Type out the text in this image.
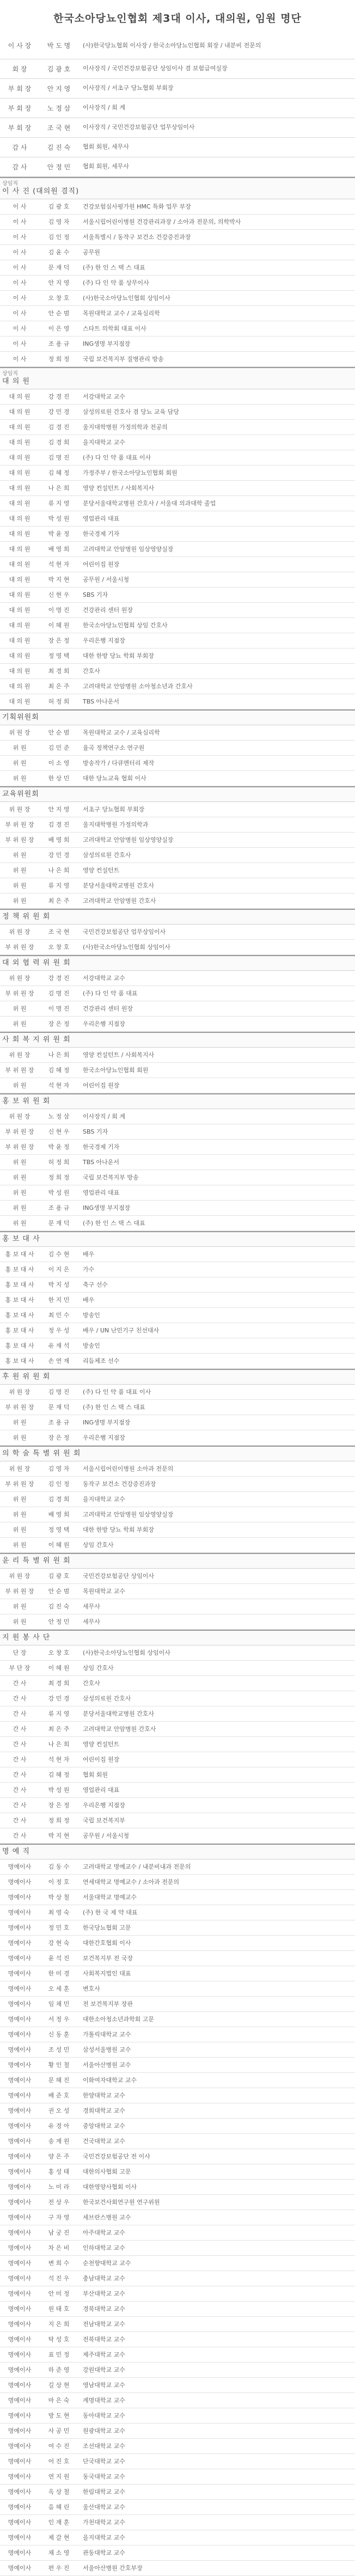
한국소아당뇨인협회 제3대 이사, 대의원, 임원 명단
이 사 장	박 도 명	(사)한국당뇨협회 이사장 / 한국소아당뇨인협회 회장 / 내분비 전문의
회 장	김 광 호	이사장직 / 국민건강보험공단 상임이사 겸 보험급여실장
부 회 장	안 지 영	이사장직 / 서초구 당뇨협회 부회장
부 회 장	노 정 삼	이사장직 / 회 계
부 회 장	조 국 현	이사장직 / 국민건강보험공단 업무상임이사
감 사	김 진 숙	협회 회원, 세무사
감 사	안 정 민	협회 회원, 세무사
상임직
이 사 진 (대의원 겸직)
이 사	김 광 호	건강보험심사평가원 HMC 특화 업무 부장
이 사	김 영 자	서울시립어린이병원 건강관리과장 / 소아과 전문의, 의학박사
이 사	김 인 정	서울특별시 / 동작구 보건소 건강증진과장
이 사	김 윤 수	공무원
이 사	문 재 덕	(주) 한 인 스 택 스 대표
이 사	안 지 영	(주) 다 인 약 품 상무이사
이 사	오 창 호	(사)한국소아당뇨인협회 상임이사
이 사	안 순 범	목원대학교 교수 / 교육심리학
이 사	이 은 영	스타트 의학회 대표 이사
이 사	조 용 규	ING생명 부지점장
이 사	정 희 정	국립 보건복지부 질병관리 방송
상임직
대 의 원
대 의 원	강 경 진	서강대학교 교수
대 의 원	강 민 경	삼성의료원 간호사 겸 당뇨 교육 담당
대 의 원	김 경 진	울지대학병원 가정의학과 전공의
대 의 원	김 경 희	을지대학교 교수
대 의 원	김 명 진	(주) 다 인 약 품 대표 이사
대 의 원	김 혜 정	가정주부 / 한국소아당뇨인협회 회원
대 의 원	나 은 희	영양 컨설턴트 / 사회복지사
대 의 원	류 지 영	분당서울대학교병원 간호사 / 서울대 의과대학 졸업
대 의 원	박 성 원	영업관리 대표
대 의 원	박 윤 정	한국경제 기자
대 의 원	배 영 희	고려대학교 안암병원 임상영양실장
대 의 원	석 현 자	어린이집 원장
대 의 원	박 지 현	공무원 / 서울시청
대 의 원	신 현 우	SBS 기자
대 의 원	이 명 진	건강관리 센터 원장
대 의 원	이 혜 원	한국소아당뇨인협회 상임 간호사
대 의 원	장 은 정	우리은행 지점장
대 의 원	정 영 택	대한 한방 당뇨 학회 부회장
대 의 원	최 경 희	간호사
대 의 원	최 은 주	고려대학교 안암병원 소아청소년과 간호사
대 의 원	허 정 희	TBS 아나운서
기획위원회
위 원 장	안 순 범	목원대학교 교수 / 교육심리학
위 원	김 민 준	율곡 정책연구소 연구원
위 원	이 소 영	방송작가 / 다큐멘터리 제작
위 원	한 상 민	대한 당뇨교육 협회 이사
교육위원회
위 원 장	안 지 영	서초구 당뇨협회 부회장
부 위 원 장	김 경 진	울지대학병원 가정의학과
부 위 원 장	배 영 희	고려대학교 안암병원 임상영양실장
위 원	강 민 경	삼성의료원 간호사
위 원	나 은 희	영양 컨설턴트
위 원	류 지 영	분당서울대학교병원 간호사
위 원	최 은 주	고려대학교 안암병원 간호사
정 책 위 원 회
위 원 장	조 국 현	국민건강보험공단 업무상임이사
부 위 원 장	오 창 호	(사)한국소아당뇨인협회 상임이사
대 외 협 력 위 원 회
위 원 장	강 경 진	서강대학교 교수
부 위 원 장	김 명 진	(주) 다 인 약 품 대표
위 원	이 명 진	건강관리 센터 원장
위 원	장 은 정	우리은행 지점장
사 회 복 지 위 원 회
위 원 장	나 은 희	영양 컨설턴트 / 사회복지사
부 위 원 장	김 혜 정	한국소아당뇨인협회 회원
위 원	석 현 자	어린이집 원장
홍 보 위 원 회
위 원 장	노 정 삼	이사장직 / 회 계
부 위 원 장	신 현 우	SBS 기자
부 위 원 장	박 윤 정	한국경제 기자
위 원	허 정 희	TBS 아나운서
위 원	정 희 정	국립 보건복지부 방송
위 원	박 성 원	영업관리 대표
위 원	조 용 규	ING생명 부지점장
위 원	문 재 덕	(주) 한 인 스 택 스 대표
홍 보 대 사
홍 보 대 사	김 수 현	배우
홍 보 대 사	이 지 은	가수
홍 보 대 사	박 지 성	축구 선수
홍 보 대 사	한 지 민	배우
홍 보 대 사	최 민 수	방송인
홍 보 대 사	정 우 성	배우 / UN 난민기구 친선대사
홍 보 대 사	유 재 석	방송인
홍 보 대 사	손 연 재	리듬체조 선수
후 원 위 원 회
위 원 장	김 명 진	(주) 다 인 약 품 대표 이사
부 위 원 장	문 재 덕	(주) 한 인 스 택 스 대표
위 원	조 용 규	ING생명 부지점장
위 원	장 은 정	우리은행 지점장
의 학 술 특 별 위 원 회
위 원 장	김 영 자	서울시립어린이병원 소아과 전문의
부 위 원 장	김 인 정	동작구 보건소 건강증진과장
위 원	김 경 희	을지대학교 교수
위 원	배 영 희	고려대학교 안암병원 임상영양실장
위 원	정 영 택	대한 한방 당뇨 학회 부회장
위 원	이 혜 원	상임 간호사
윤 리 특 별 위 원 회
위 원 장	김 광 호	국민건강보험공단 상임이사
부 위 원 장	안 순 범	목원대학교 교수
위 원	김 진 숙	세무사
위 원	안 정 민	세무사
지 원 봉 사 단
단 장	오 창 호	(사)한국소아당뇨인협회 상임이사
부 단 장	이 혜 원	상임 간호사
간 사	최 경 희	간호사
간 사	강 민 경	삼성의료원 간호사
간 사	류 지 영	분당서울대학교병원 간호사
간 사	최 은 주	고려대학교 안암병원 간호사
간 사	나 은 희	영양 컨설턴트
간 사	석 현 자	어린이집 원장
간 사	김 혜 정	협회 회원
간 사	박 성 원	영업관리 대표
간 사	장 은 정	우리은행 지점장
간 사	정 희 정	국립 보건복지부
간 사	박 지 현	공무원 / 서울시청
명 예 직
명예이사	김 동 수	고려대학교 명예교수 / 내분비내과 전문의
명예이사	이 정 호	연세대학교 명예교수 / 소아과 전문의
명예이사	박 상 철	서울대학교 명예교수
명예이사	최 영 숙	(주) 한 국 제 약 대표
명예이사	정 민 호	한국당뇨협회 고문
명예이사	강 현 숙	대한간호협회 이사
명예이사	윤 석 진	보건복지부 전 국장
명예이사	한 미 경	사회복지법인 대표
명예이사	오 세 훈	변호사
명예이사	임 채 민	전 보건복지부 장관
명예이사	서 정 우	대한소아청소년과학회 고문
명예이사	신 동 훈	가톨릭대학교 교수
명예이사	조 성 민	삼성서울병원 교수
명예이사	황 인 철	서울아산병원 교수
명예이사	문 혜 진	이화여자대학교 교수
명예이사	배 준 호	한양대학교 교수
명예이사	권 오 성	경희대학교 교수
명예이사	유 경 아	중앙대학교 교수
명예이사	송 재 원	건국대학교 교수
명예이사	양 은 주	국민건강보험공단 전 이사
명예이사	홍 성 태	대한의사협회 고문
명예이사	노 미 라	대한영양사협회 이사
명예이사	전 상 우	한국보건사회연구원 연구위원
명예이사	구 자 영	세브란스병원 교수
명예이사	남 궁 진	아주대학교 교수
명예이사	차 은 비	인하대학교 교수
명예이사	변 희 수	순천향대학교 교수
명예이사	석 진 우	충남대학교 교수
명예이사	안 미 정	부산대학교 교수
명예이사	원 태 호	경북대학교 교수
명예이사	지 은 희	전남대학교 교수
명예이사	탁 성 호	전북대학교 교수
명예이사	표 민 정	제주대학교 교수
명예이사	하 준 영	강원대학교 교수
명예이사	길 상 현	영남대학교 교수
명예이사	마 은 숙	계명대학교 교수
명예이사	방 도 현	동아대학교 교수
명예이사	사 공 민	원광대학교 교수
명예이사	여 수 진	조선대학교 교수
명예이사	어 진 호	단국대학교 교수
명예이사	연 지 원	동국대학교 교수
명예이사	옥 상 철	한림대학교 교수
명예이사	음 혜 린	울산대학교 교수
명예이사	인 재 훈	가천대학교 교수
명예이사	제 갈 현	을지대학교 교수
명예이사	채 소 영	관동대학교 교수
명예이사	편 우 진	서울아산병원 간호부장
